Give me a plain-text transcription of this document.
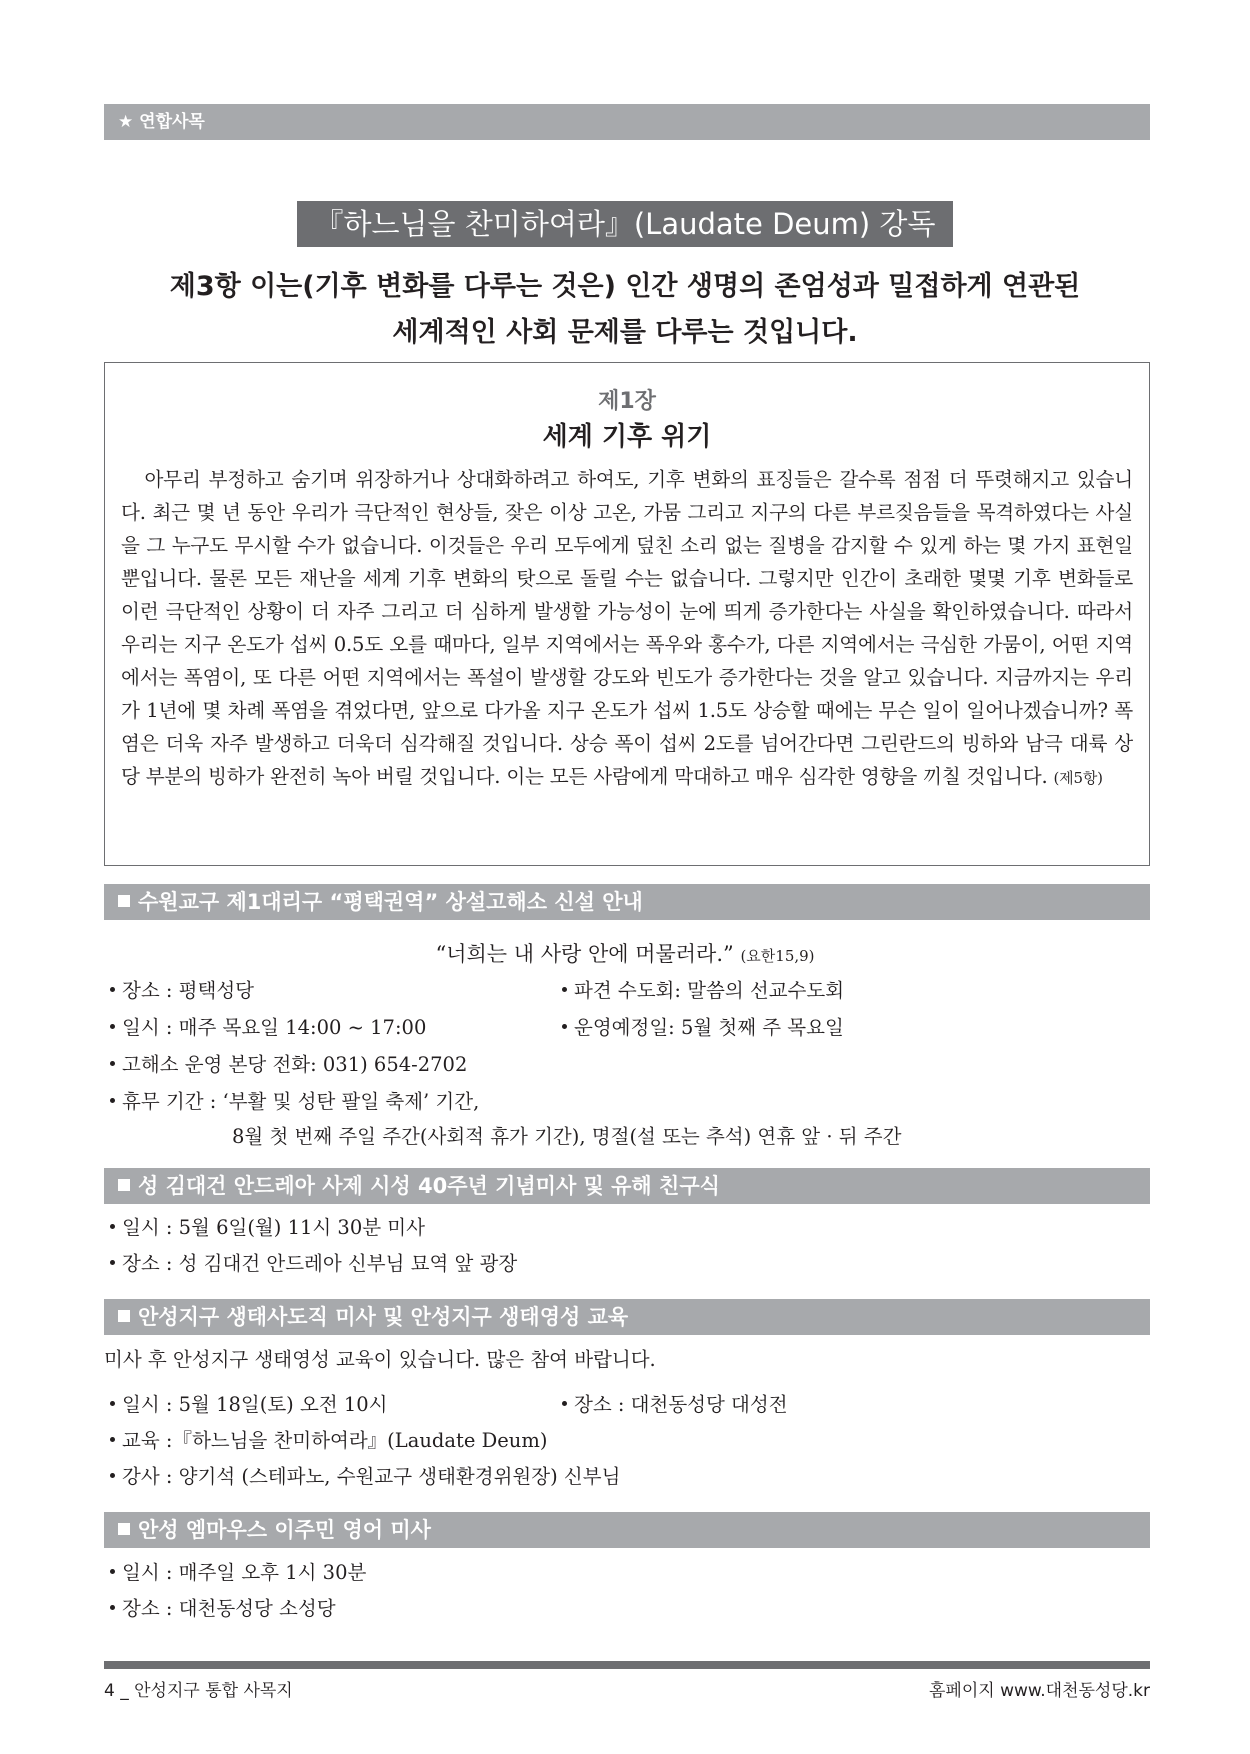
★ 연합사목
『하느님을 찬미하여라』(Laudate Deum) 강독
제3항 이는(기후 변화를 다루는 것은) 인간 생명의 존엄성과 밀접하게 연관된
세계적인 사회 문제를 다루는 것입니다.
제1장
세계 기후 위기

아무리 부정하고 숨기며 위장하거나 상대화하려고 하여도, 기후 변화의 표징들은 갈수록 점점 더 뚜렷해지고 있습니다. 최근 몇 년 동안 우리가 극단적인 현상들, 잦은 이상 고온, 가뭄 그리고 지구의 다른 부르짖음들을 목격하였다는 사실을 그 누구도 무시할 수가 없습니다. 이것들은 우리 모두에게 덮친 소리 없는 질병을 감지할 수 있게 하는 몇 가지 표현일 뿐입니다. 물론 모든 재난을 세계 기후 변화의 탓으로 돌릴 수는 없습니다. 그렇지만 인간이 초래한 몇몇 기후 변화들로 이런 극단적인 상황이 더 자주 그리고 더 심하게 발생할 가능성이 눈에 띄게 증가한다는 사실을 확인하였습니다. 따라서 우리는 지구 온도가 섭씨 0.5도 오를 때마다, 일부 지역에서는 폭우와 홍수가, 다른 지역에서는 극심한 가뭄이, 어떤 지역에서는 폭염이, 또 다른 어떤 지역에서는 폭설이 발생할 강도와 빈도가 증가한다는 것을 알고 있습니다. 지금까지는 우리가 1년에 몇 차례 폭염을 겪었다면, 앞으로 다가올 지구 온도가 섭씨 1.5도 상승할 때에는 무슨 일이 일어나겠습니까? 폭염은 더욱 자주 발생하고 더욱더 심각해질 것입니다. 상승 폭이 섭씨 2도를 넘어간다면 그린란드의 빙하와 남극 대륙 상당 부분의 빙하가 완전히 녹아 버릴 것입니다. 이는 모든 사람에게 막대하고 매우 심각한 영향을 끼칠 것입니다. (제5항)

수원교구 제1대리구 “평택권역” 상설고해소 신설 안내
“너희는 내 사랑 안에 머물러라.” (요한15,9)
장소 : 평택성당	파견 수도회: 말씀의 선교수도회
일시 : 매주 목요일 14:00 ~ 17:00	운영예정일: 5월 첫째 주 목요일
고해소 운영 본당 전화: 031) 654-2702
휴무 기간 : ‘부활 및 성탄 팔일 축제’ 기간,
8월 첫 번째 주일 주간(사회적 휴가 기간), 명절(설 또는 추석) 연휴 앞 · 뒤 주간
성 김대건 안드레아 사제 시성 40주년 기념미사 및 유해 친구식
일시 : 5월 6일(월) 11시 30분 미사
장소 : 성 김대건 안드레아 신부님 묘역 앞 광장
안성지구 생태사도직 미사 및 안성지구 생태영성 교육
미사 후 안성지구 생태영성 교육이 있습니다. 많은 참여 바랍니다.
일시 : 5월 18일(토) 오전 10시	장소 : 대천동성당 대성전
교육 :『하느님을 찬미하여라』(Laudate Deum)
강사 : 양기석 (스테파노, 수원교구 생태환경위원장) 신부님
안성 엠마우스 이주민 영어 미사
일시 : 매주일 오후 1시 30분
장소 : 대천동성당 소성당
4 _ 안성지구 통합 사목지	홈페이지 www.대천동성당.kr
